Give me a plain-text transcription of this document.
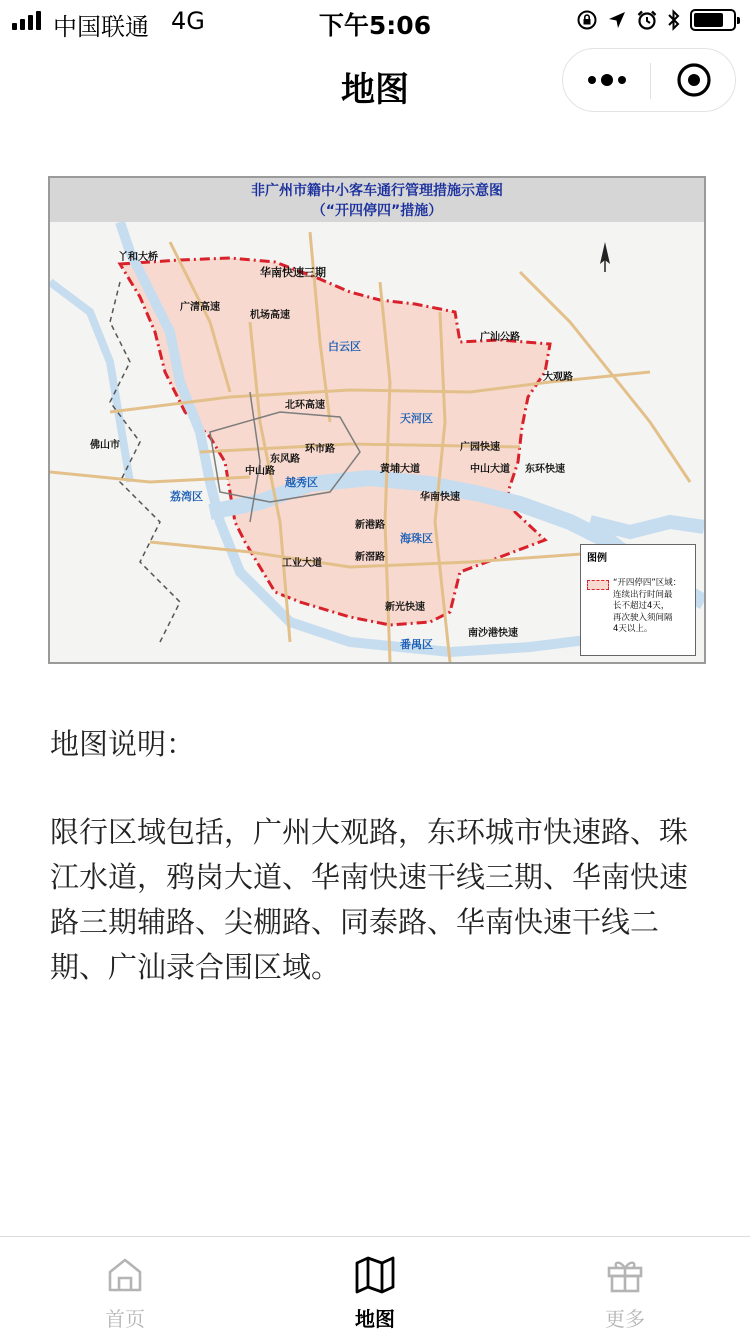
中国联通 4G	下午5:06
地图
非广州市籍中小客车通行管理措施示意图
（“开四停四”措施）
丫和大桥
华南快速三期
广汕公路
大观路
东环快速
北环高速
广园快速
中山大道
黄埔大道
环市路
东风路
中山路
新港路
新滘路
工业大道
佛山市
广清高速
机场高速
华南快速
新光快速
南沙港快速
白云区
天河区
越秀区
荔湾区
海珠区
番禺区
图例
“开四停四”区域：
连续出行时间最
长不超过4天，
再次驶入须间隔
4天以上。
地图说明：
限行区域包括，广州大观路，东环城市快速路、珠江水道，鸦岗大道、华南快速干线三期、华南快速路三期辅路、尖棚路、同泰路、华南快速干线二期、广汕录合围区域。
首页	地图	更多
